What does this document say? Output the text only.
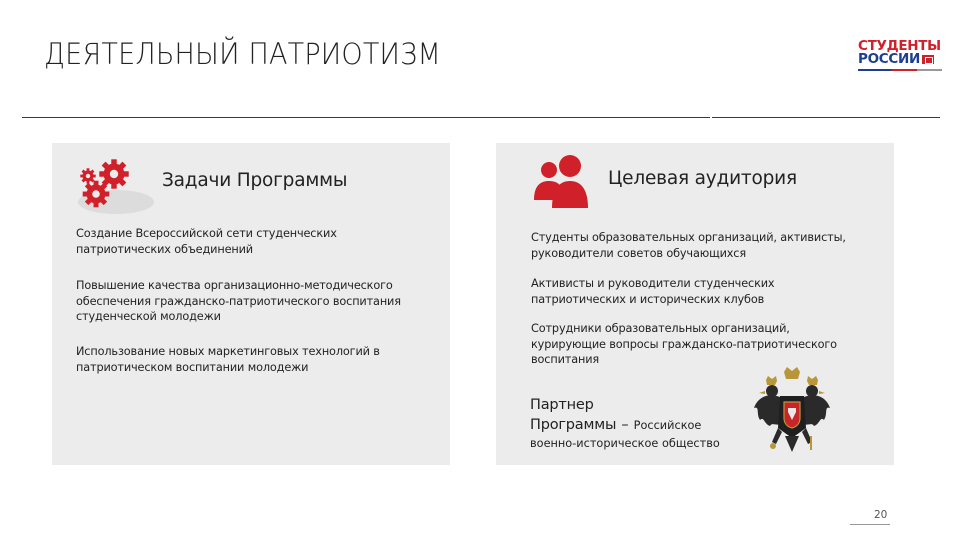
ДЕЯТЕЛЬНЫЙ ПАТРИОТИЗМ	СТУДЕНТЫ
РОССИИ
Задачи Программы
Создание Всероссийской сети студенческих патриотических объединений
Повышение качества организационно-методического обеспечения гражданско-патриотического воспитания студенческой молодежи
Использование новых маркетинговых технологий в патриотическом воспитании молодежи
Целевая аудитория
Студенты образовательных организаций, активисты, руководители советов обучающихся
Активисты и руководители студенческих патриотических и исторических клубов
Сотрудники образовательных организаций, курирующие вопросы гражданско-патриотического воспитания
Партнер
Программы – Российское
военно-историческое общество
20
